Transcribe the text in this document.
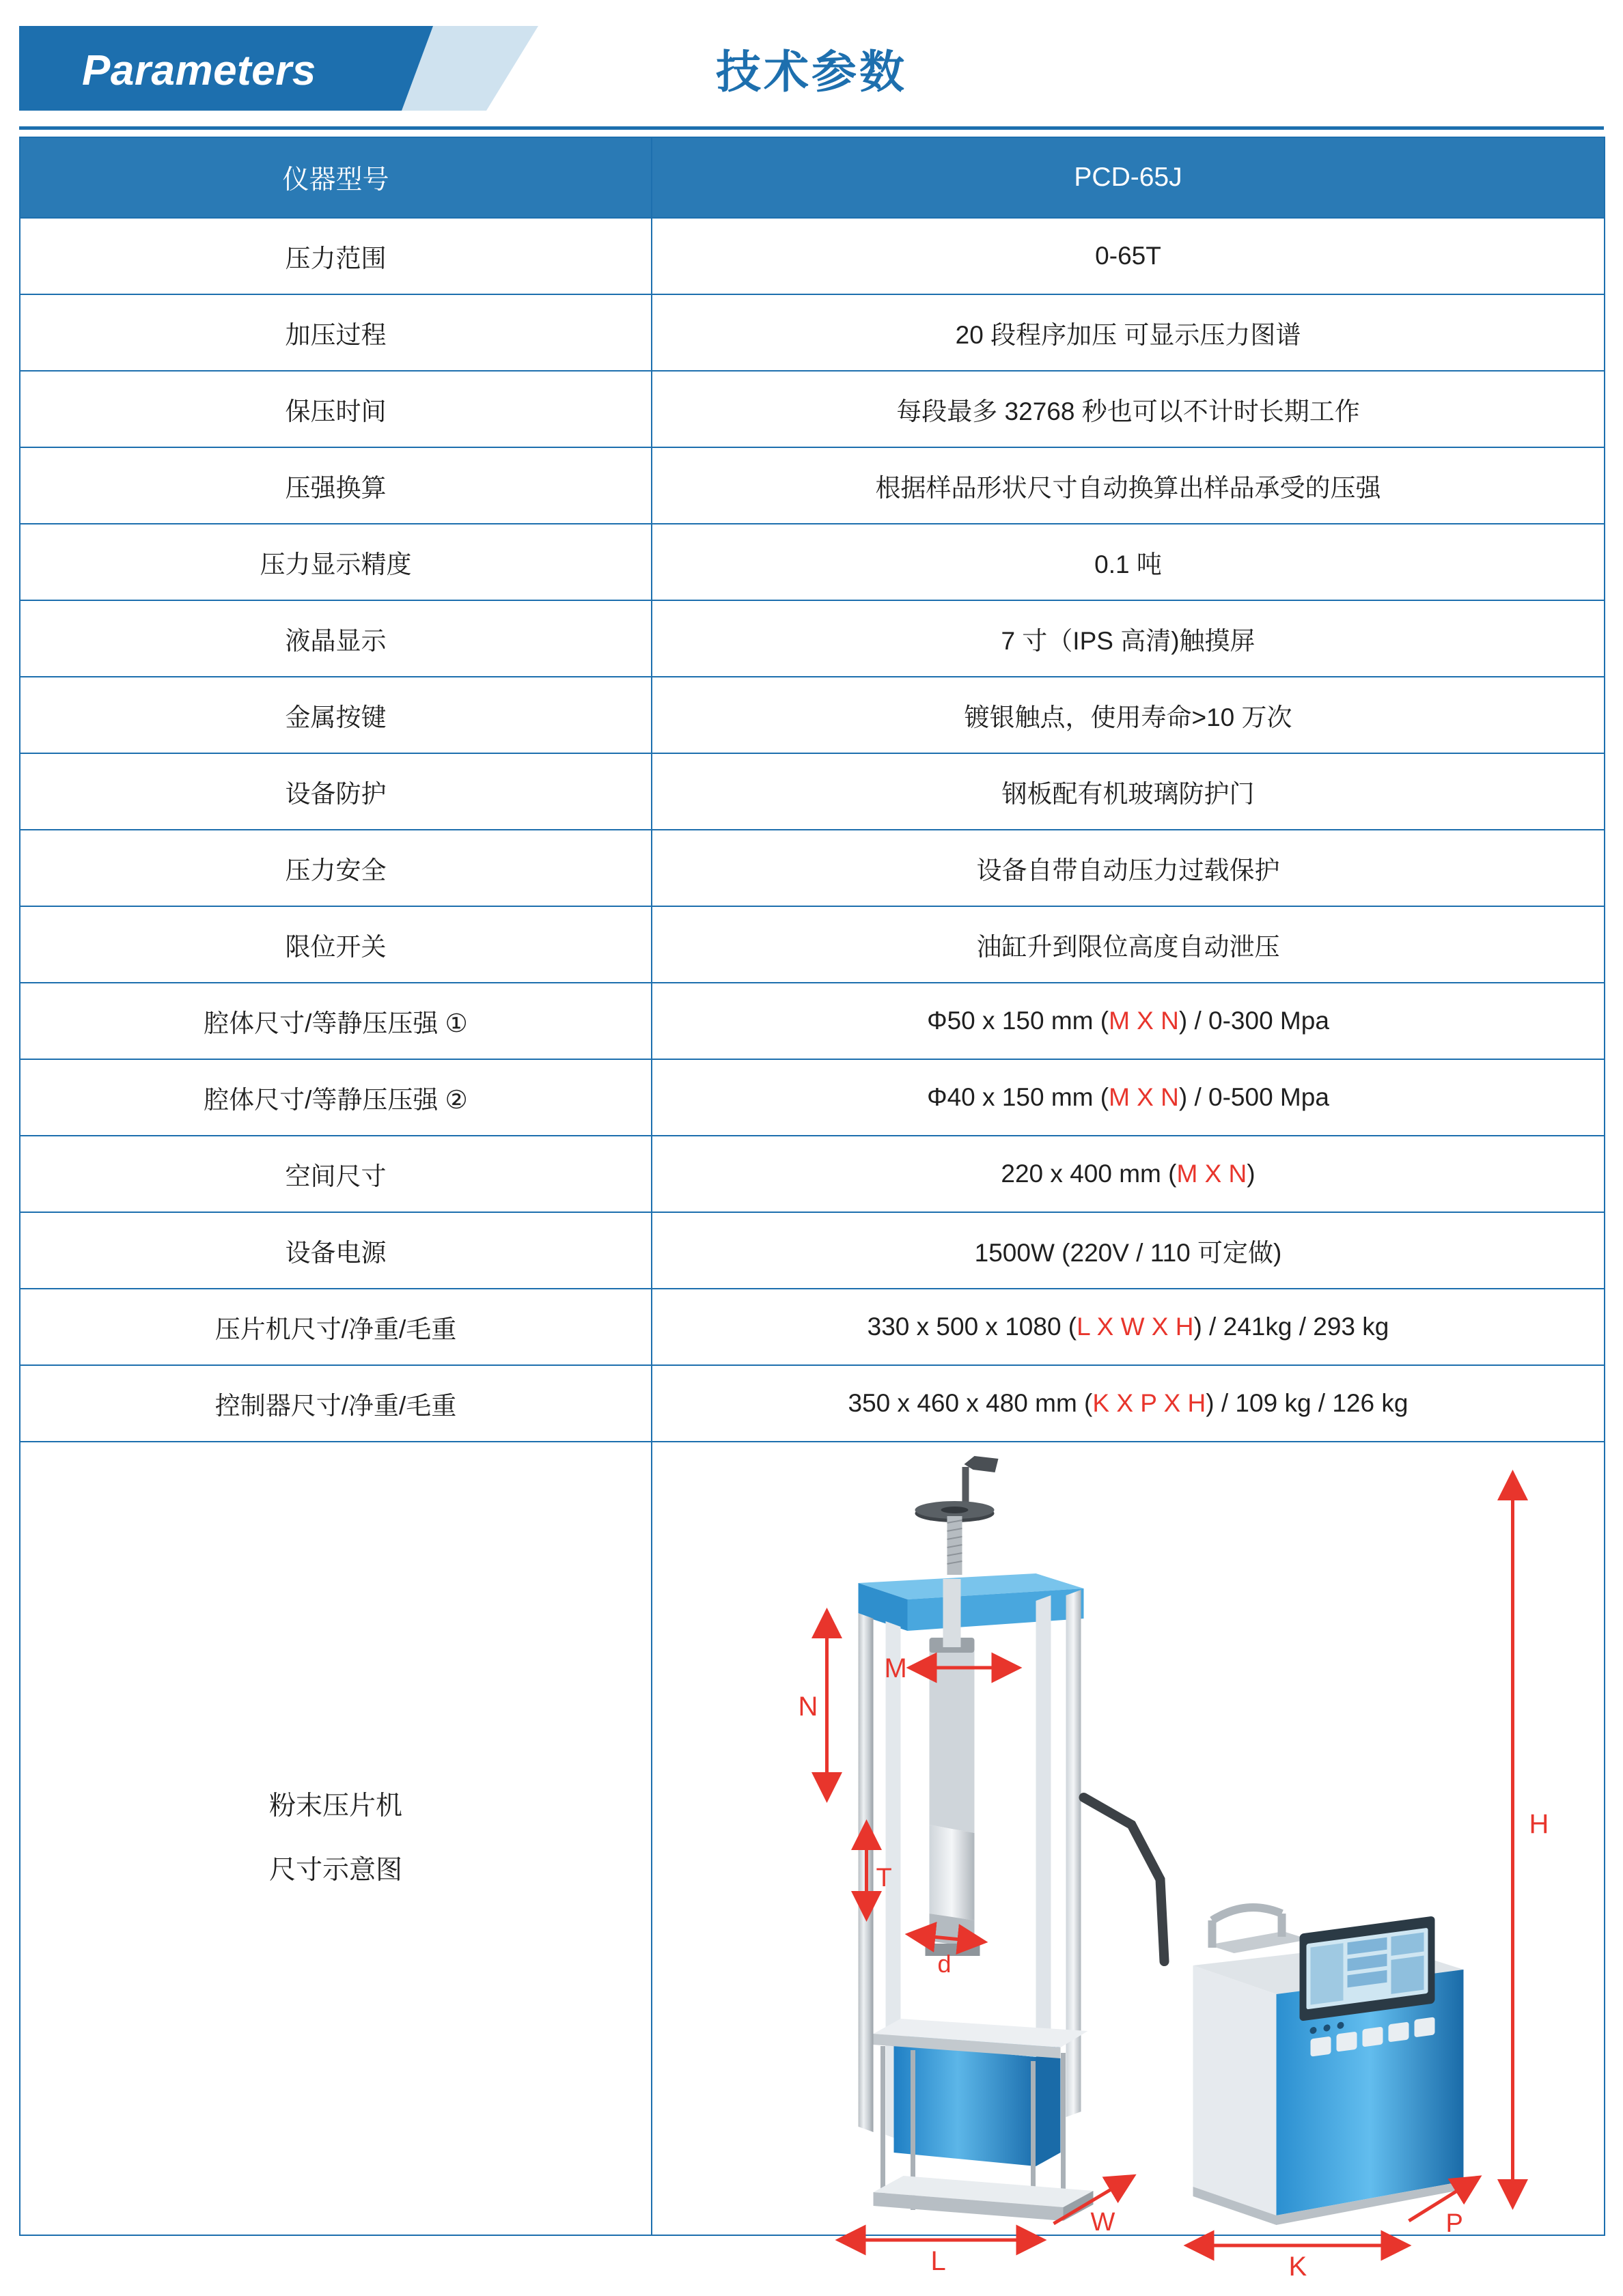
Parameters	技术参数
仪器型号	PCD-65J
压力范围	0-65T
加压过程	20 段程序加压 可显示压力图谱
保压时间	每段最多 32768 秒也可以不计时长期工作
压强换算	根据样品形状尺寸自动换算出样品承受的压强
压力显示精度	0.1 吨
液晶显示	7 寸（IPS 高清)触摸屏
金属按键	镀银触点，使用寿命>10 万次
设备防护	钢板配有机玻璃防护门
压力安全	设备自带自动压力过载保护
限位开关	油缸升到限位高度自动泄压
腔体尺寸/等静压压强 ①	Φ50 x 150 mm (M X N) / 0-300 Mpa
腔体尺寸/等静压压强 ②	Φ40 x 150 mm (M X N) / 0-500 Mpa
空间尺寸	220 x 400 mm (M X N)
设备电源	1500W (220V / 110 可定做)
压片机尺寸/净重/毛重	330 x 500 x 1080 (L X W X H) / 241kg / 293 kg
控制器尺寸/净重/毛重	350 x 460 x 480 mm (K X P X H) / 109 kg / 126 kg

粉末压片机
尺寸示意图

N
M
T
d
H
L
W
K
P
